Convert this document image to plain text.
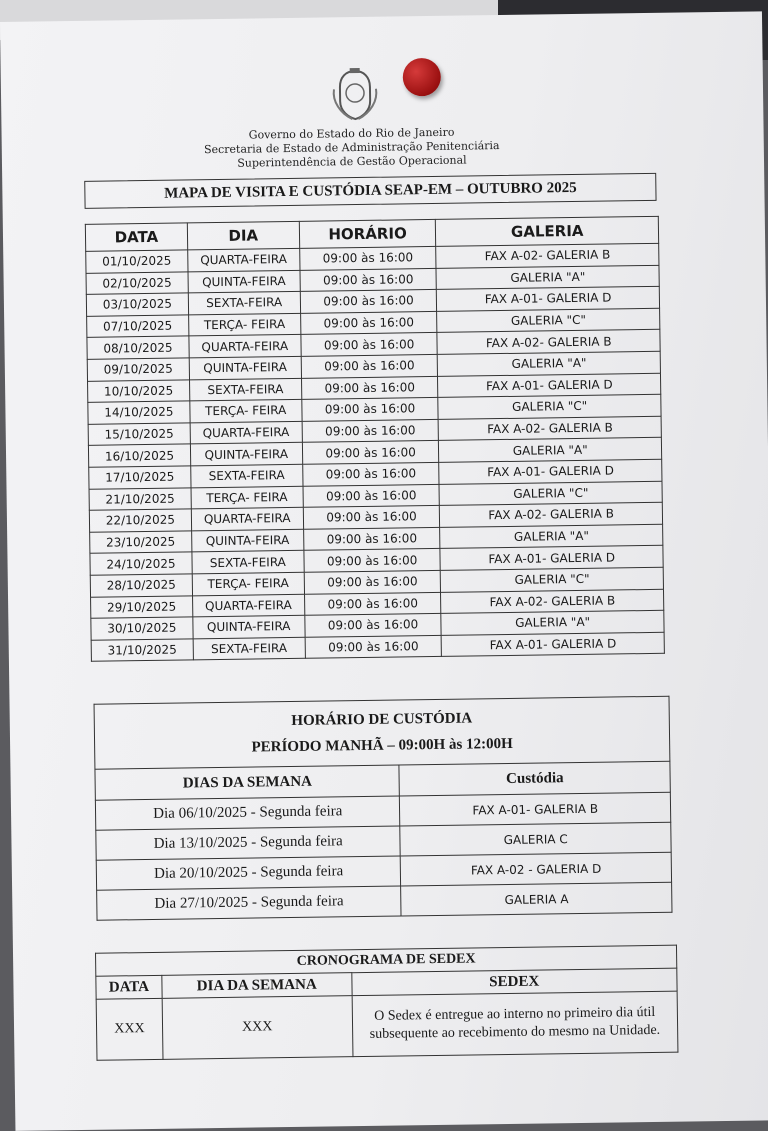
Governo do Estado do Rio de Janeiro
Secretaria de Estado de Administração Penitenciária
Superintendência de Gestão Operacional
MAPA DE VISITA E CUSTÓDIA SEAP-EM – OUTUBRO 2025
DATA	DIA	HORÁRIO	GALERIA
01/10/2025	QUARTA-FEIRA	09:00 às 16:00	FAX A-02- GALERIA B
02/10/2025	QUINTA-FEIRA	09:00 às 16:00	GALERIA "A"
03/10/2025	SEXTA-FEIRA	09:00 às 16:00	FAX A-01- GALERIA D
07/10/2025	TERÇA- FEIRA	09:00 às 16:00	GALERIA "C"
08/10/2025	QUARTA-FEIRA	09:00 às 16:00	FAX A-02- GALERIA B
09/10/2025	QUINTA-FEIRA	09:00 às 16:00	GALERIA "A"
10/10/2025	SEXTA-FEIRA	09:00 às 16:00	FAX A-01- GALERIA D
14/10/2025	TERÇA- FEIRA	09:00 às 16:00	GALERIA "C"
15/10/2025	QUARTA-FEIRA	09:00 às 16:00	FAX A-02- GALERIA B
16/10/2025	QUINTA-FEIRA	09:00 às 16:00	GALERIA "A"
17/10/2025	SEXTA-FEIRA	09:00 às 16:00	FAX A-01- GALERIA D
21/10/2025	TERÇA- FEIRA	09:00 às 16:00	GALERIA "C"
22/10/2025	QUARTA-FEIRA	09:00 às 16:00	FAX A-02- GALERIA B
23/10/2025	QUINTA-FEIRA	09:00 às 16:00	GALERIA "A"
24/10/2025	SEXTA-FEIRA	09:00 às 16:00	FAX A-01- GALERIA D
28/10/2025	TERÇA- FEIRA	09:00 às 16:00	GALERIA "C"
29/10/2025	QUARTA-FEIRA	09:00 às 16:00	FAX A-02- GALERIA B
30/10/2025	QUINTA-FEIRA	09:00 às 16:00	GALERIA "A"
31/10/2025	SEXTA-FEIRA	09:00 às 16:00	FAX A-01- GALERIA D
HORÁRIO DE CUSTÓDIA
PERÍODO MANHÃ – 09:00H às 12:00H	

DIAS DA SEMANA	Custódia
Dia 06/10/2025 - Segunda feira	FAX A-01- GALERIA B
Dia 13/10/2025 - Segunda feira	GALERIA C
Dia 20/10/2025 - Segunda feira	FAX A-02 - GALERIA D
Dia 27/10/2025 - Segunda feira	GALERIA A
CRONOGRAMA DE SEDEX		
DATA	DIA DA SEMANA	SEDEX
XXX	XXX	O Sedex é entregue ao interno no primeiro dia útil subsequente ao recebimento do mesmo na Unidade.
